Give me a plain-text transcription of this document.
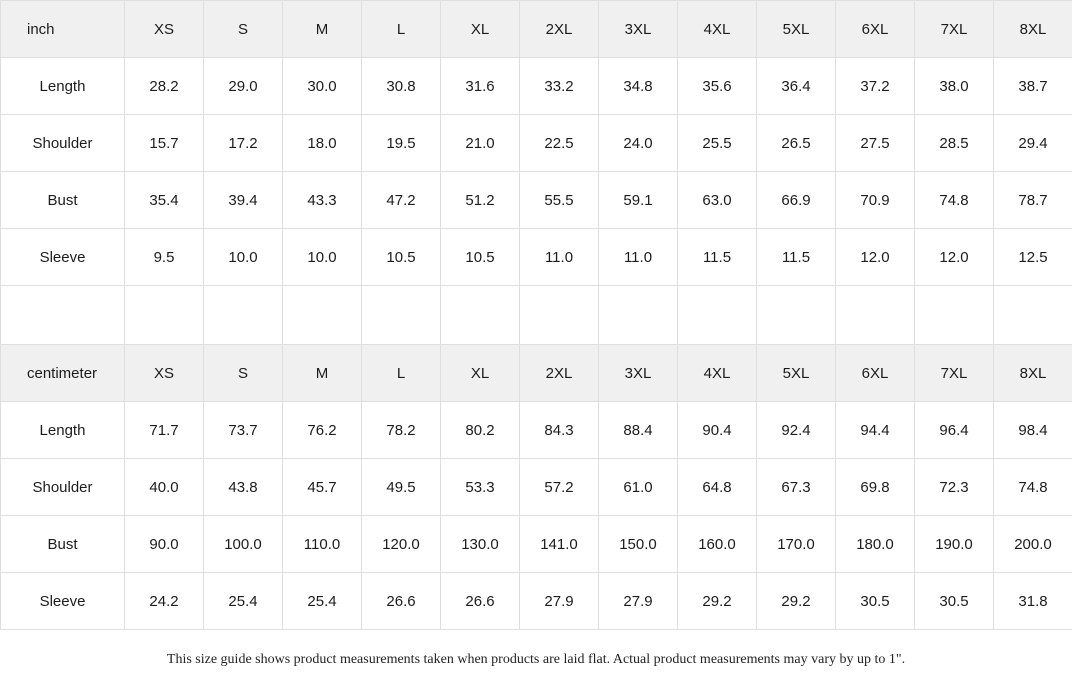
inch	XS	S	M	L	XL	2XL	3XL	4XL	5XL	6XL	7XL	8XL
Length	28.2	29.0	30.0	30.8	31.6	33.2	34.8	35.6	36.4	37.2	38.0	38.7
Shoulder	15.7	17.2	18.0	19.5	21.0	22.5	24.0	25.5	26.5	27.5	28.5	29.4
Bust	35.4	39.4	43.3	47.2	51.2	55.5	59.1	63.0	66.9	70.9	74.8	78.7
Sleeve	9.5	10.0	10.0	10.5	10.5	11.0	11.0	11.5	11.5	12.0	12.0	12.5

centimeter	XS	S	M	L	XL	2XL	3XL	4XL	5XL	6XL	7XL	8XL
Length	71.7	73.7	76.2	78.2	80.2	84.3	88.4	90.4	92.4	94.4	96.4	98.4
Shoulder	40.0	43.8	45.7	49.5	53.3	57.2	61.0	64.8	67.3	69.8	72.3	74.8
Bust	90.0	100.0	110.0	120.0	130.0	141.0	150.0	160.0	170.0	180.0	190.0	200.0
Sleeve	24.2	25.4	25.4	26.6	26.6	27.9	27.9	29.2	29.2	30.5	30.5	31.8
This size guide shows product measurements taken when products are laid flat. Actual product measurements may vary by up to 1".
